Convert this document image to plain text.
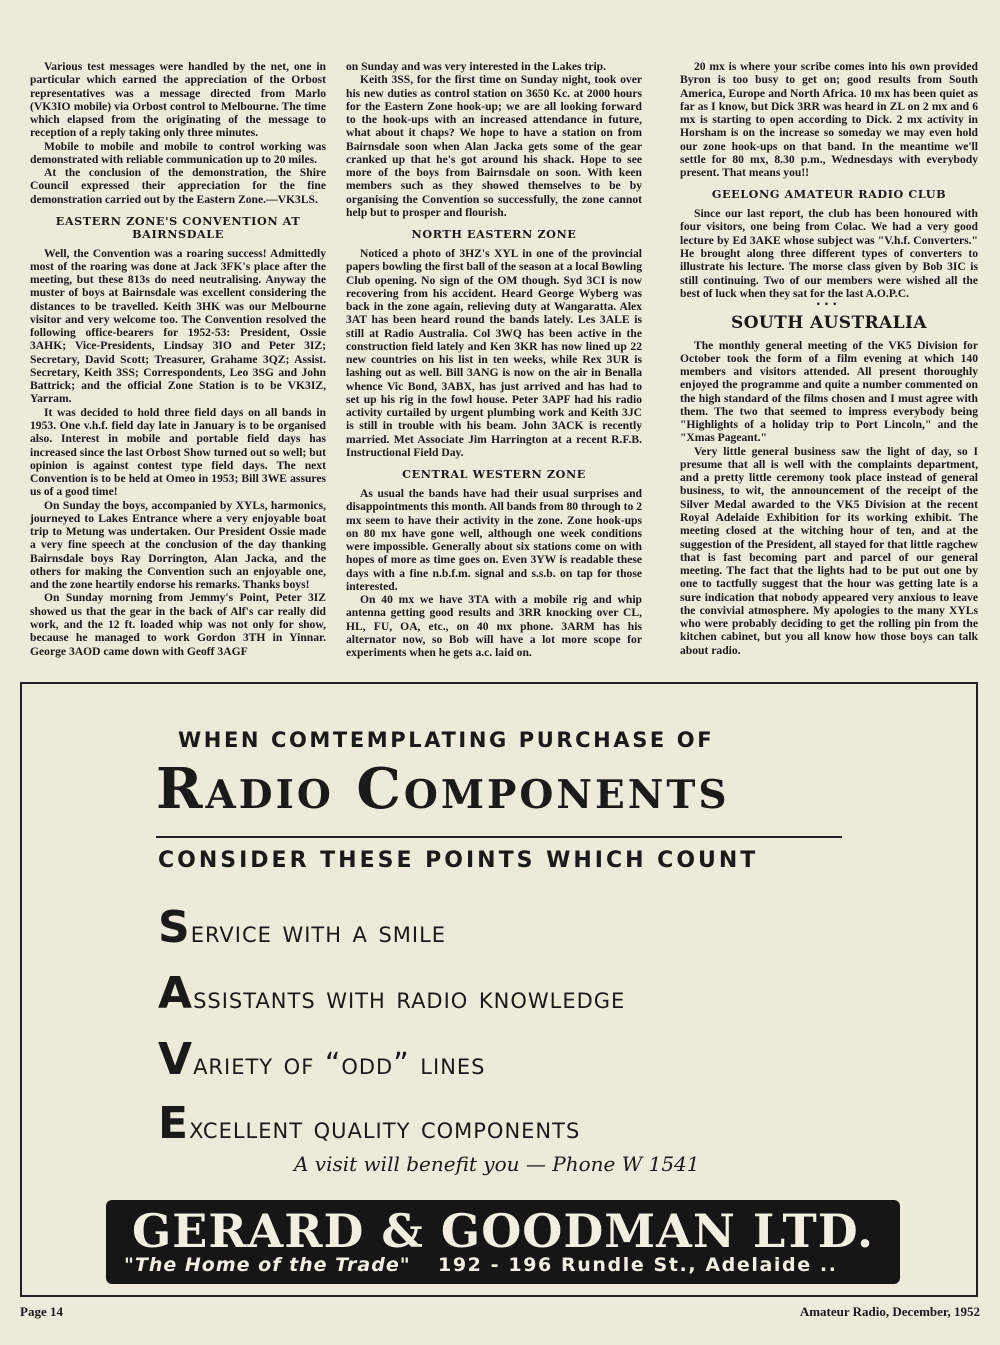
Various test messages were handled by the net, one in particular which earned the appreciation of the Orbost representatives was a message directed from Marlo (VK3IO mobile) via Orbost control to Melbourne. The time which elapsed from the originating of the message to reception of a reply taking only three minutes.

Mobile to mobile and mobile to control working was demonstrated with reliable communication up to 20 miles.

At the conclusion of the demonstration, the Shire Council expressed their appreciation for the fine demonstration carried out by the Eastern Zone.—VK3LS.

EASTERN ZONE'S CONVENTION AT BAIRNSDALE

Well, the Convention was a roaring success! Admittedly most of the roaring was done at Jack 3FK's place after the meeting, but these 813s do need neutralising. Anyway the muster of boys at Bairnsdale was excellent considering the distances to be travelled. Keith 3HK was our Melbourne visitor and very welcome too. The Convention resolved the following office-bearers for 1952-53: President, Ossie 3AHK; Vice-Presidents, Lindsay 3IO and Peter 3IZ; Secretary, David Scott; Treasurer, Grahame 3QZ; Assist. Secretary, Keith 3SS; Correspondents, Leo 3SG and John Battrick; and the official Zone Station is to be VK3IZ, Yarram.

It was decided to hold three field days on all bands in 1953. One v.h.f. field day late in January is to be organised also. Interest in mobile and portable field days has increased since the last Orbost Show turned out so well; but opinion is against contest type field days. The next Convention is to be held at Omeo in 1953; Bill 3WE assures us of a good time!

On Sunday the boys, accompanied by XYLs, harmonics, journeyed to Lakes Entrance where a very enjoyable boat trip to Metung was undertaken. Our President Ossie made a very fine speech at the conclusion of the day thanking Bairnsdale boys Ray Dorrington, Alan Jacka, and the others for making the Convention such an enjoyable one, and the zone heartily endorse his remarks. Thanks boys!

On Sunday morning from Jemmy's Point, Peter 3IZ showed us that the gear in the back of Alf's car really did work, and the 12 ft. loaded whip was not only for show, because he managed to work Gordon 3TH in Yinnar. George 3AOD came down with Geoff 3AGF

on Sunday and was very interested in the Lakes trip.

Keith 3SS, for the first time on Sunday night, took over his new duties as control station on 3650 Kc. at 2000 hours for the Eastern Zone hook-up; we are all looking forward to the hook-ups with an increased attendance in future, what about it chaps? We hope to have a station on from Bairnsdale soon when Alan Jacka gets some of the gear cranked up that he's got around his shack. Hope to see more of the boys from Bairnsdale on soon. With keen members such as they showed themselves to be by organising the Convention so successfully, the zone cannot help but to prosper and flourish.

NORTH EASTERN ZONE

Noticed a photo of 3HZ's XYL in one of the provincial papers bowling the first ball of the season at a local Bowling Club opening. No sign of the OM though. Syd 3CI is now recovering from his accident. Heard George Wyberg was back in the zone again, relieving duty at Wangaratta. Alex 3AT has been heard round the bands lately. Les 3ALE is still at Radio Australia. Col 3WQ has been active in the construction field lately and Ken 3KR has now lined up 22 new countries on his list in ten weeks, while Rex 3UR is lashing out as well. Bill 3ANG is now on the air in Benalla whence Vic Bond, 3ABX, has just arrived and has had to set up his rig in the fowl house. Peter 3APF had his radio activity curtailed by urgent plumbing work and Keith 3JC is still in trouble with his beam. John 3ACK is recently married. Met Associate Jim Harrington at a recent R.F.B. Instructional Field Day.

CENTRAL WESTERN ZONE

As usual the bands have had their usual surprises and disappointments this month. All bands from 80 through to 2 mx seem to have their activity in the zone. Zone hook-ups on 80 mx have gone well, although one week conditions were impossible. Generally about six stations come on with hopes of more as time goes on. Even 3YW is readable these days with a fine n.b.f.m. signal and s.s.b. on tap for those interested.

On 40 mx we have 3TA with a mobile rig and whip antenna getting good results and 3RR knocking over CL, HL, FU, OA, etc., on 40 mx phone. 3ARM has his alternator now, so Bob will have a lot more scope for experiments when he gets a.c. laid on.

20 mx is where your scribe comes into his own provided Byron is too busy to get on; good results from South America, Europe and North Africa. 10 mx has been quiet as far as I know, but Dick 3RR was heard in ZL on 2 mx and 6 mx is starting to open according to Dick. 2 mx activity in Horsham is on the increase so someday we may even hold our zone hook-ups on that band. In the meantime we'll settle for 80 mx, 8.30 p.m., Wednesdays with everybody present. That means you!!

GEELONG AMATEUR RADIO CLUB

Since our last report, the club has been honoured with four visitors, one being from Colac. We had a very good lecture by Ed 3AKE whose subject was "V.h.f. Converters." He brought along three different types of converters to illustrate his lecture. The morse class given by Bob 3IC is still continuing. Two of our members were wished all the best of luck when they sat for the last A.O.P.C.

•••
SOUTH AUSTRALIA

The monthly general meeting of the VK5 Division for October took the form of a film evening at which 140 members and visitors attended. All present thoroughly enjoyed the programme and quite a number commented on the high standard of the films chosen and I must agree with them. The two that seemed to impress everybody being "Highlights of a holiday trip to Port Lincoln," and the "Xmas Pageant."

Very little general business saw the light of day, so I presume that all is well with the complaints department, and a pretty little ceremony took place instead of general business, to wit, the announcement of the receipt of the Silver Medal awarded to the VK5 Division at the recent Royal Adelaide Exhibition for its working exhibit. The meeting closed at the witching hour of ten, and at the suggestion of the President, all stayed for that little ragchew that is fast becoming part and parcel of our general meeting. The fact that the lights had to be put out one by one to tactfully suggest that the hour was getting late is a sure indication that nobody appeared very anxious to leave the convivial atmosphere. My apologies to the many XYLs who were probably deciding to get the rolling pin from the kitchen cabinet, but you all know how those boys can talk about radio.

WHEN COMTEMPLATING PURCHASE OF
Radio Components
CONSIDER THESE POINTS WHICH COUNT
Service with a smile
Assistants with radio knowledge
Variety of “odd” lines
Excellent quality components
A visit will benefit you — Phone W 1541
GERARD & GOODMAN LTD.
"The Home of the Trade" 192 - 196 Rundle St., Adelaide ..
Page 14	Amateur Radio, December, 1952
